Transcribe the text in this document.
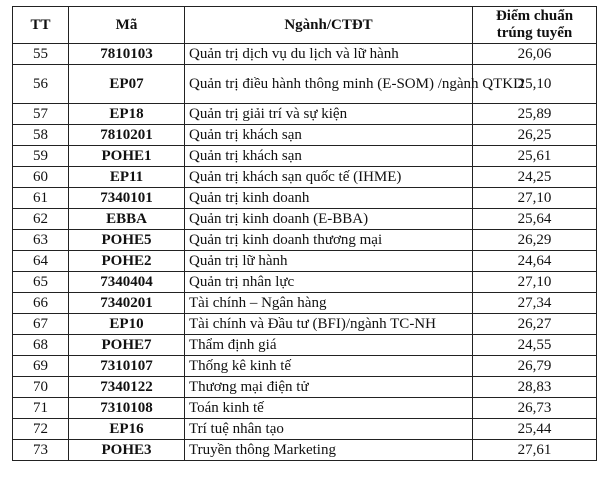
TT	Mã	Ngành/CTĐT	Điểm chuẩn
trúng tuyển
55	7810103	Quản trị dịch vụ du lịch và lữ hành	26,06
56	EP07	Quản trị điều hành thông minh (E-SOM) /ngành QTKD	25,10
57	EP18	Quản trị giải trí và sự kiện	25,89
58	7810201	Quản trị khách sạn	26,25
59	POHE1	Quản trị khách sạn	25,61
60	EP11	Quản trị khách sạn quốc tế (IHME)	24,25
61	7340101	Quản trị kinh doanh	27,10
62	EBBA	Quản trị kinh doanh (E-BBA)	25,64
63	POHE5	Quản trị kinh doanh thương mại	26,29
64	POHE2	Quản trị lữ hành	24,64
65	7340404	Quản trị nhân lực	27,10
66	7340201	Tài chính – Ngân hàng	27,34
67	EP10	Tài chính và Đầu tư (BFI)/ngành TC-NH	26,27
68	POHE7	Thẩm định giá	24,55
69	7310107	Thống kê kinh tế	26,79
70	7340122	Thương mại điện tử	28,83
71	7310108	Toán kinh tế	26,73
72	EP16	Trí tuệ nhân tạo	25,44
73	POHE3	Truyền thông Marketing	27,61
